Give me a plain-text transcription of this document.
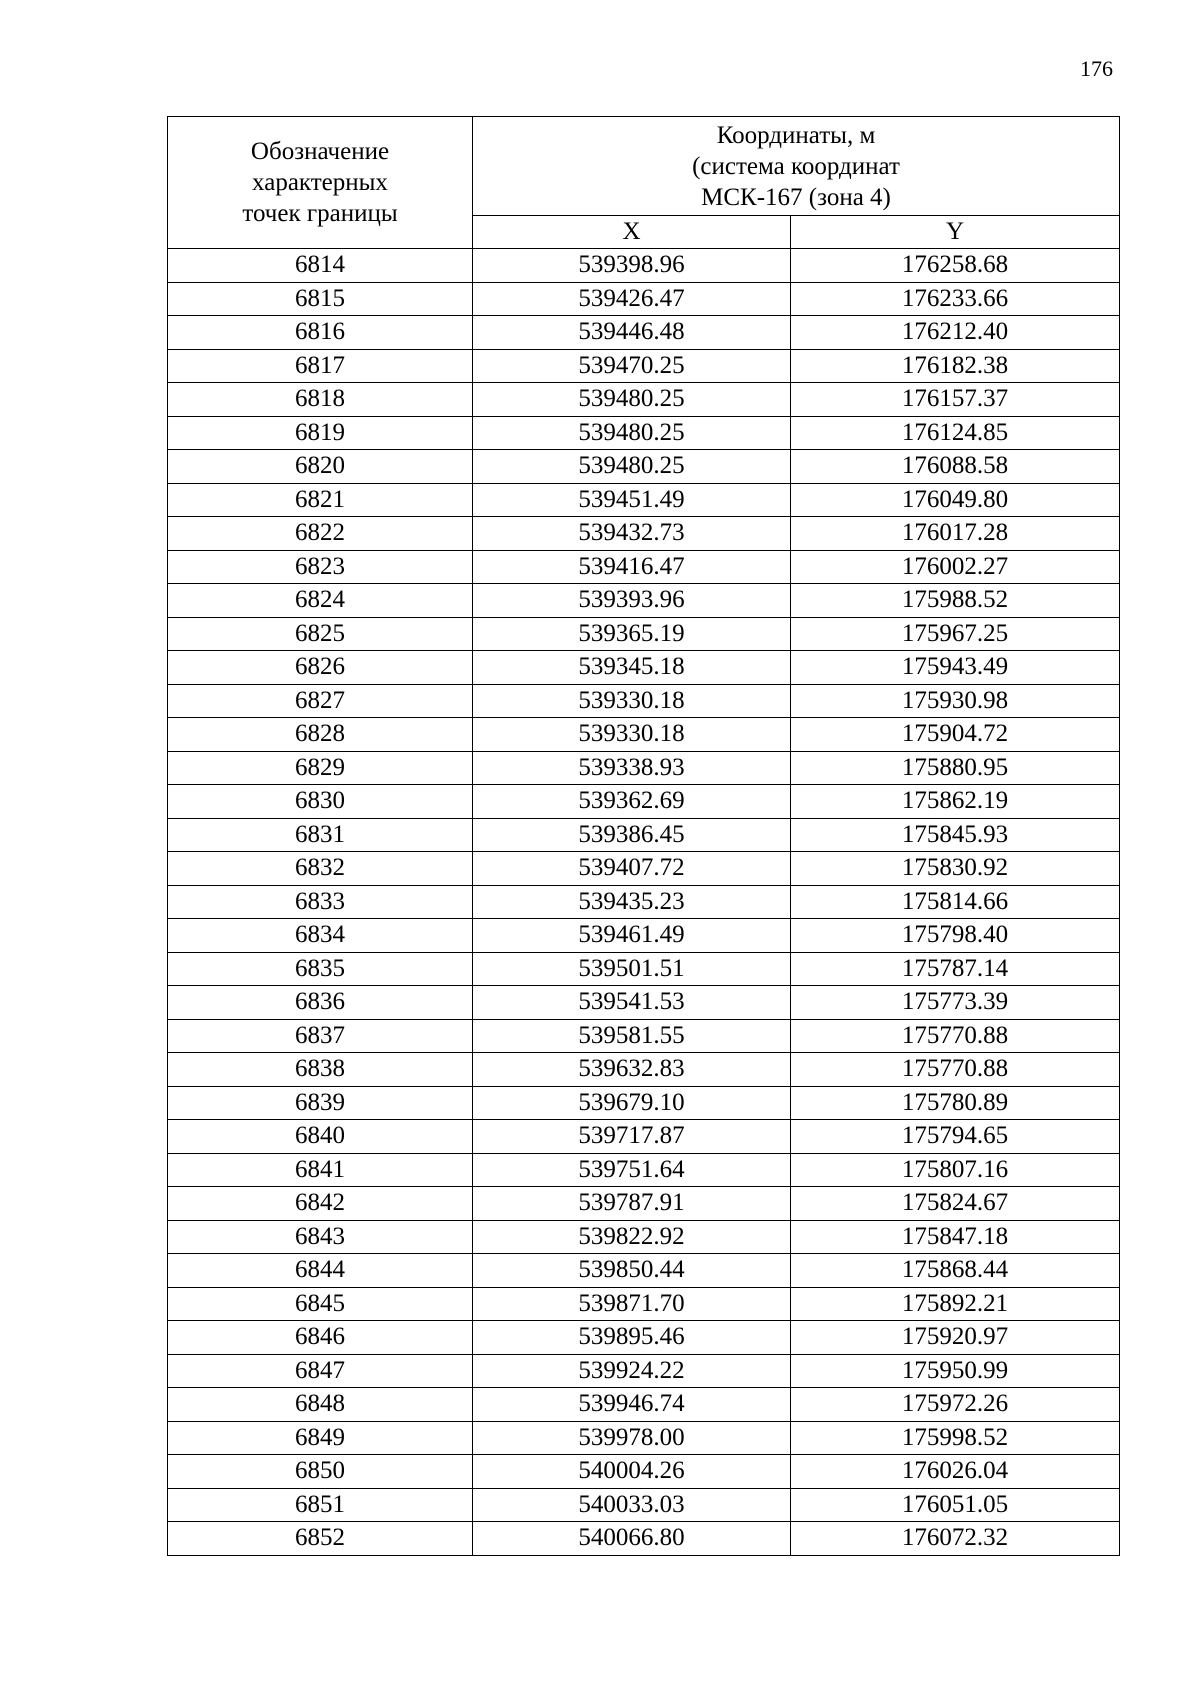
176
Обозначение
характерных
точек границы	Координаты, м
(система координат
МСК-167 (зона 4)	
	X	Y
6814	539398.96	176258.68
6815	539426.47	176233.66
6816	539446.48	176212.40
6817	539470.25	176182.38
6818	539480.25	176157.37
6819	539480.25	176124.85
6820	539480.25	176088.58
6821	539451.49	176049.80
6822	539432.73	176017.28
6823	539416.47	176002.27
6824	539393.96	175988.52
6825	539365.19	175967.25
6826	539345.18	175943.49
6827	539330.18	175930.98
6828	539330.18	175904.72
6829	539338.93	175880.95
6830	539362.69	175862.19
6831	539386.45	175845.93
6832	539407.72	175830.92
6833	539435.23	175814.66
6834	539461.49	175798.40
6835	539501.51	175787.14
6836	539541.53	175773.39
6837	539581.55	175770.88
6838	539632.83	175770.88
6839	539679.10	175780.89
6840	539717.87	175794.65
6841	539751.64	175807.16
6842	539787.91	175824.67
6843	539822.92	175847.18
6844	539850.44	175868.44
6845	539871.70	175892.21
6846	539895.46	175920.97
6847	539924.22	175950.99
6848	539946.74	175972.26
6849	539978.00	175998.52
6850	540004.26	176026.04
6851	540033.03	176051.05
6852	540066.80	176072.32
